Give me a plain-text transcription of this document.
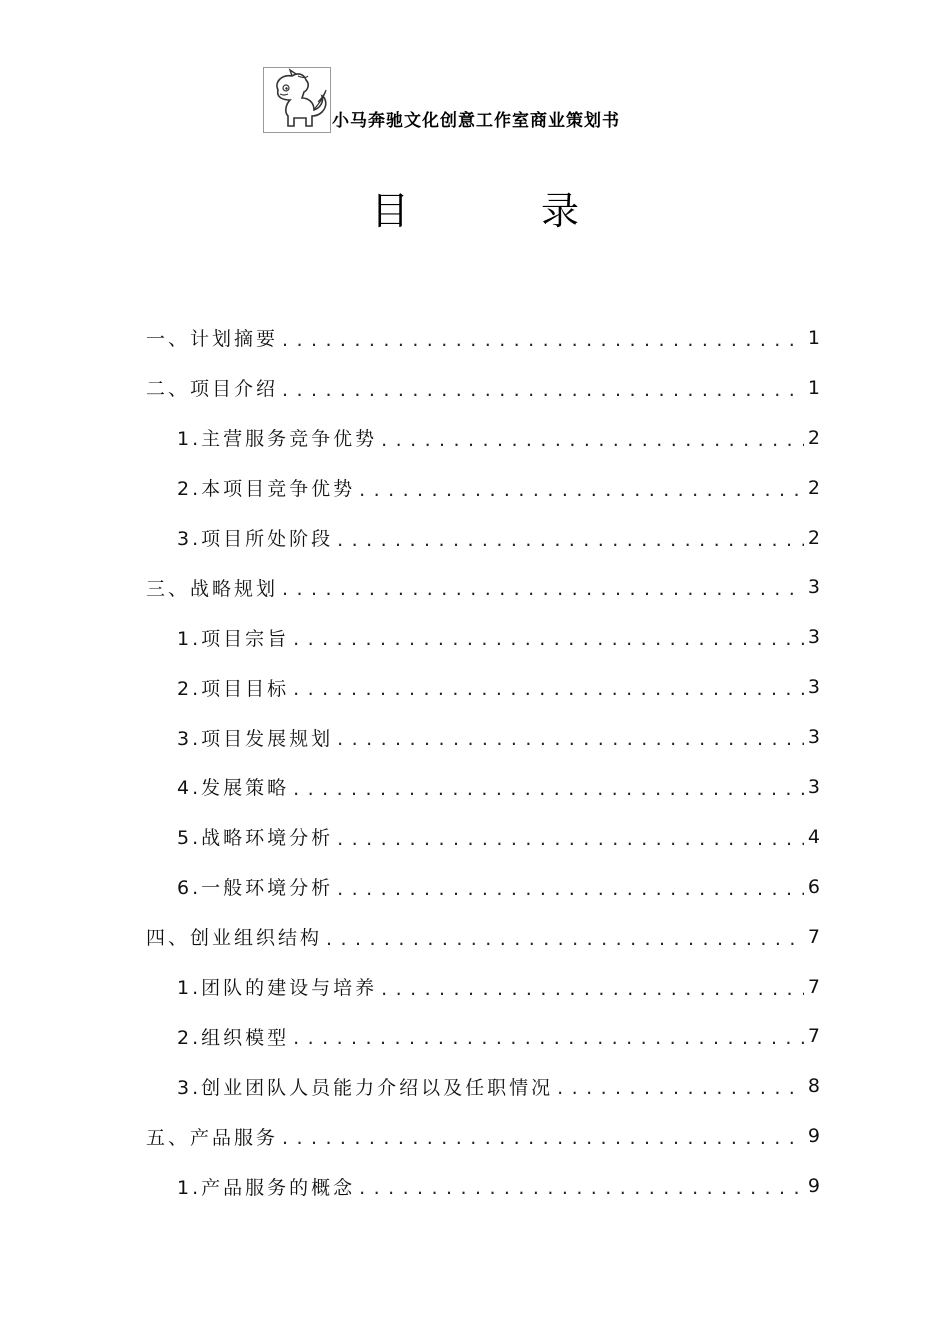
小马奔驰文化创意工作室商业策划书
目 录
一、计划摘要 . . .	1
二、项目介绍 . . .	1
1.主营服务竞争优势 . . .	2
2.本项目竞争优势 . . .	2
3.项目所处阶段 . . .	2
三、战略规划 . . .	3
1.项目宗旨 . . .	3
2.项目目标 . . .	3
3.项目发展规划 . . .	3
4.发展策略 . . .	3
5.战略环境分析 . . .	4
6.一般环境分析 . . .	6
四、创业组织结构 . . .	7
1.团队的建设与培养 . . .	7
2.组织模型 . . .	7
3.创业团队人员能力介绍以及任职情况 . . .	8
五、产品服务 . . .	9
1.产品服务的概念 . . .	9
